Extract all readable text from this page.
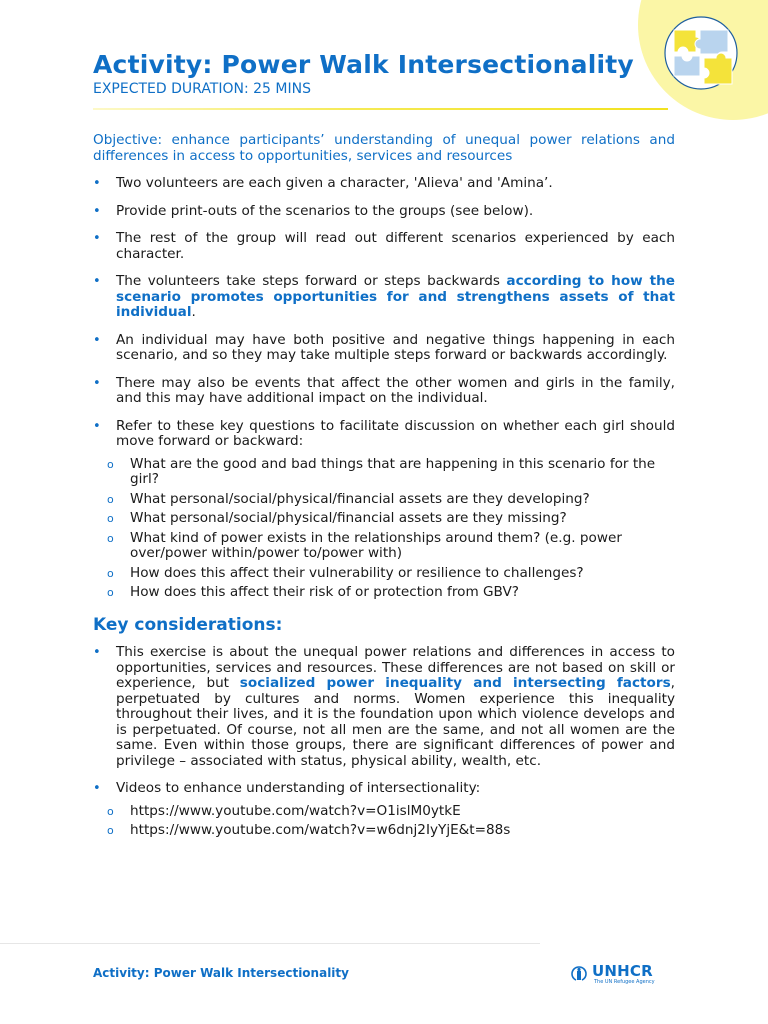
Activity: Power Walk Intersectionality
EXPECTED DURATION: 25 MINS

Objective: enhance participants’ understanding of unequal power relations and differences in access to opportunities, services and resources

• Two volunteers are each given a character, 'Alieva' and 'Amina’.
• Provide print-outs of the scenarios to the groups (see below).
The rest of the group will read out different scenarios experienced by each character.
•
• The volunteers take steps forward or steps backwards according to how the scenario promotes opportunities for and strengthens assets of that individual.
• An individual may have both positive and negative things happening in each scenario, and so they may take multiple steps forward or backwards accordingly.
• There may also be events that affect the other women and girls in the family, and this may have additional impact on the individual.
• Refer to these key questions to facilitate discussion on whether each girl should move forward or backward:
o What are the good and bad things that are happening in this scenario for the girl?
o What personal/social/physical/financial assets are they developing?
o What personal/social/physical/financial assets are they missing?
o What kind of power exists in the relationships around them? (e.g. power over/power within/power to/power with)
o How does this affect their vulnerability or resilience to challenges?
o How does this affect their risk of or protection from GBV?
Key considerations:
• This exercise is about the unequal power relations and differences in access to opportunities, services and resources. These differences are not based on skill or experience, but socialized power inequality and intersecting factors, perpetuated by cultures and norms. Women experience this inequality throughout their lives, and it is the foundation upon which violence develops and is perpetuated. Of course, not all men are the same, and not all women are the same. Even within those groups, there are significant differences of power and privilege – associated with status, physical ability, wealth, etc.
• Videos to enhance understanding of intersectionality:
o https://www.youtube.com/watch?v=O1islM0ytkE
o https://www.youtube.com/watch?v=w6dnj2IyYjE&t=88s
Activity: Power Walk Intersectionality	UNHCR
The UN Refugee Agency
